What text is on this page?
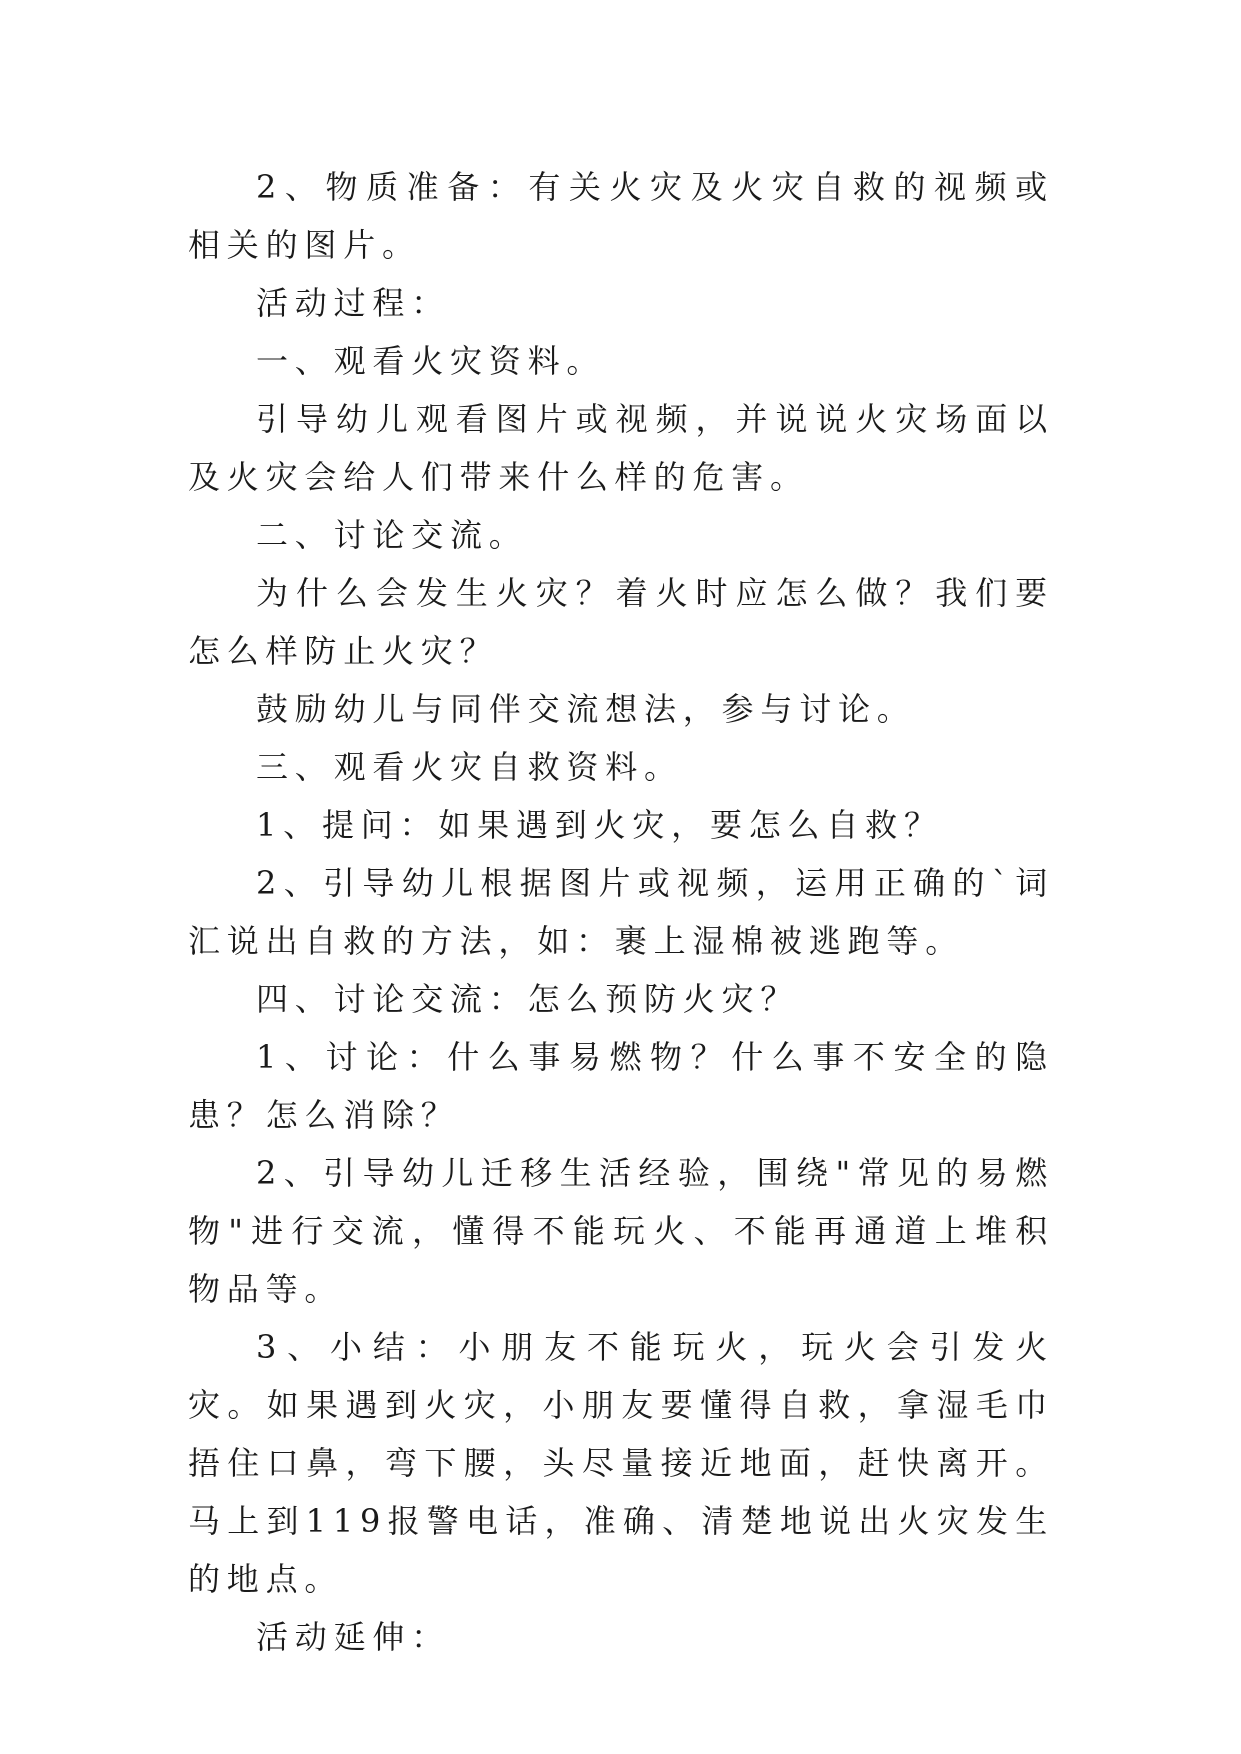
2、物质准备：有关火灾及火灾自救的视频或相关的图片。

活动过程：

一、观看火灾资料。

引导幼儿观看图片或视频，并说说火灾场面以及火灾会给人们带来什么样的危害。

二、讨论交流。

为什么会发生火灾？着火时应怎么做？我们要怎么样防止火灾？

鼓励幼儿与同伴交流想法，参与讨论。

三、观看火灾自救资料。

1、提问：如果遇到火灾，要怎么自救？

2、引导幼儿根据图片或视频，运用正确的`词汇说出自救的方法，如：裹上湿棉被逃跑等。

四、讨论交流：怎么预防火灾？

1、讨论：什么事易燃物？什么事不安全的隐患？怎么消除？

2、引导幼儿迁移生活经验，围绕"常见的易燃物"进行交流，懂得不能玩火、不能再通道上堆积物品等。

3、小结：小朋友不能玩火，玩火会引发火灾。如果遇到火灾，小朋友要懂得自救，拿湿毛巾捂住口鼻，弯下腰，头尽量接近地面，赶快离开。马上到119报警电话，准确、清楚地说出火灾发生的地点。

活动延伸：
